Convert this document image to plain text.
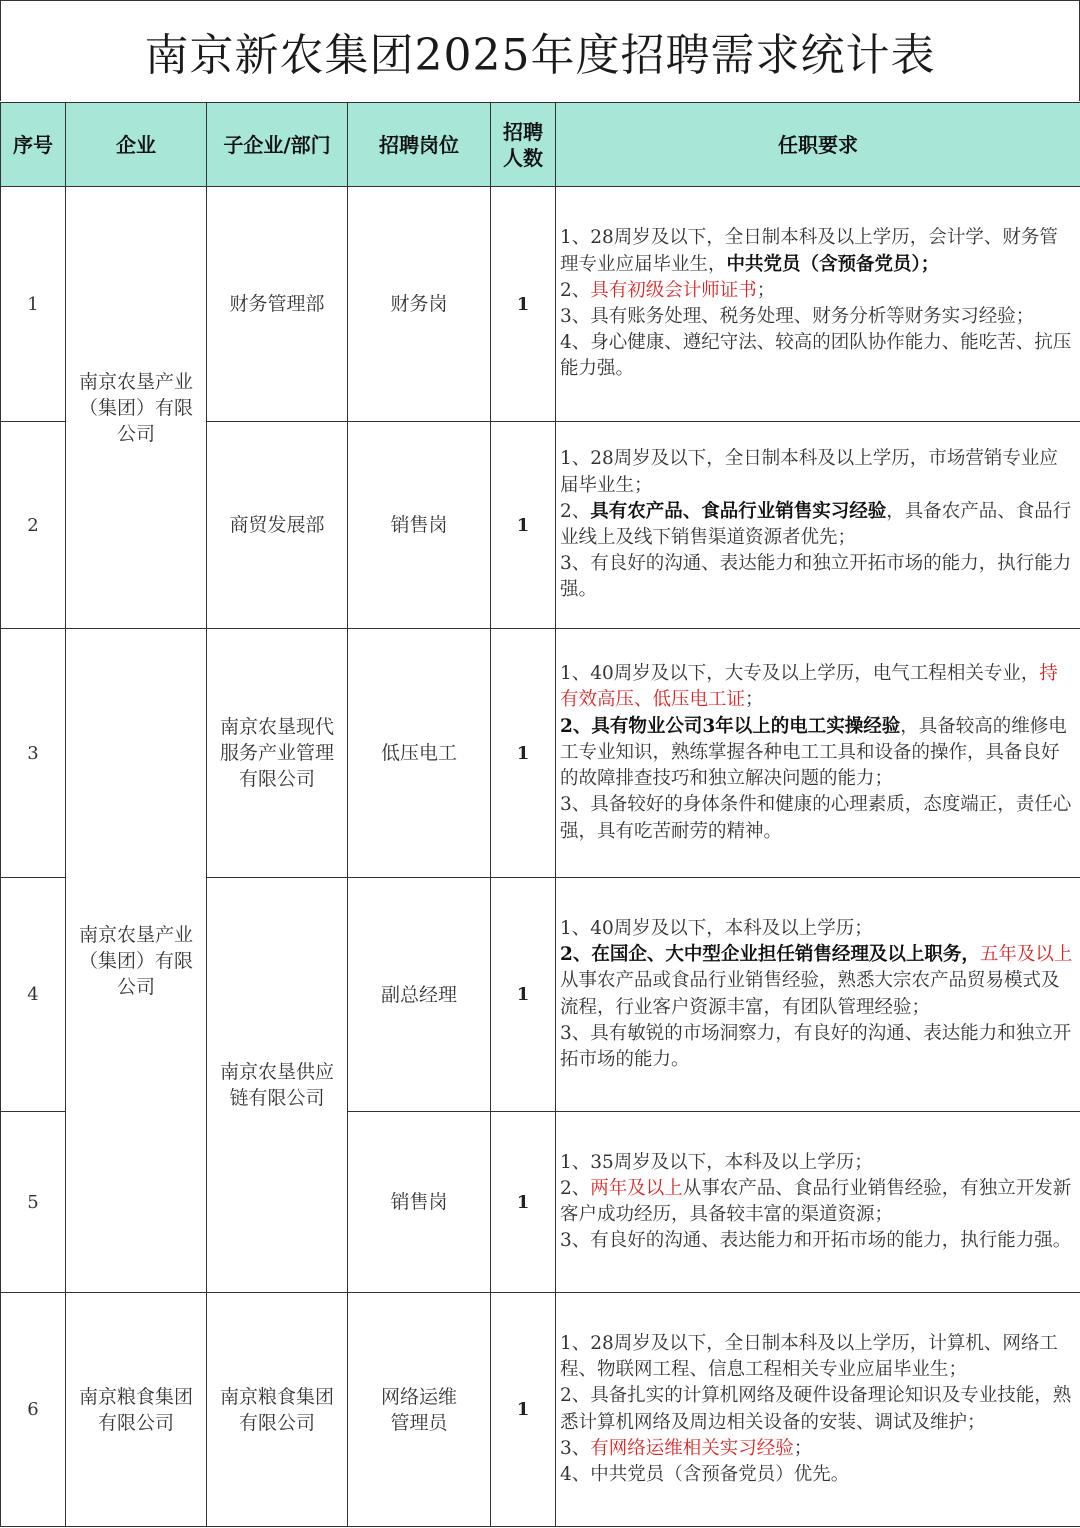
南京新农集团2025年度招聘需求统计表
序号	企业	子企业/部门	招聘岗位	招聘人数	任职要求
1	南京农垦产业（集团）有限公司	财务管理部	财务岗	1	1、28周岁及以下，全日制本科及以上学历，会计学、财务管理专业应届毕业生，中共党员（含预备党员）；
2、具有初级会计师证书；
3、具有账务处理、税务处理、财务分析等财务实习经验；
4、身心健康、遵纪守法、较高的团队协作能力、能吃苦、抗压能力强。

2		商贸发展部	销售岗	1	1、28周岁及以下，全日制本科及以上学历，市场营销专业应届毕业生；
2、具有农产品、食品行业销售实习经验，具备农产品、食品行业线上及线下销售渠道资源者优先；
3、有良好的沟通、表达能力和独立开拓市场的能力，执行能力强。

3	南京农垦产业（集团）有限公司	南京农垦现代服务产业管理有限公司	低压电工	1	1、40周岁及以下，大专及以上学历，电气工程相关专业，持有效高压、低压电工证；
2、具有物业公司3年以上的电工实操经验，具备较高的维修电工专业知识，熟练掌握各种电工工具和设备的操作，具备良好的故障排查技巧和独立解决问题的能力；
3、具备较好的身体条件和健康的心理素质，态度端正，责任心强，具有吃苦耐劳的精神。

4		南京农垦供应链有限公司	副总经理	1	1、40周岁及以下，本科及以上学历；
2、在国企、大中型企业担任销售经理及以上职务，五年及以上从事农产品或食品行业销售经验，熟悉大宗农产品贸易模式及流程，行业客户资源丰富，有团队管理经验；
3、具有敏锐的市场洞察力，有良好的沟通、表达能力和独立开拓市场的能力。

5			销售岗	1	1、35周岁及以下，本科及以上学历；
2、两年及以上从事农产品、食品行业销售经验，有独立开发新客户成功经历，具备较丰富的渠道资源；
3、有良好的沟通、表达能力和开拓市场的能力，执行能力强。

6	南京粮食集团有限公司	南京粮食集团有限公司	网络运维管理员	1	1、28周岁及以下，全日制本科及以上学历，计算机、网络工程、物联网工程、信息工程相关专业应届毕业生；
2、具备扎实的计算机网络及硬件设备理论知识及专业技能，熟悉计算机网络及周边相关设备的安装、调试及维护；
3、有网络运维相关实习经验；
4、中共党员（含预备党员）优先。
